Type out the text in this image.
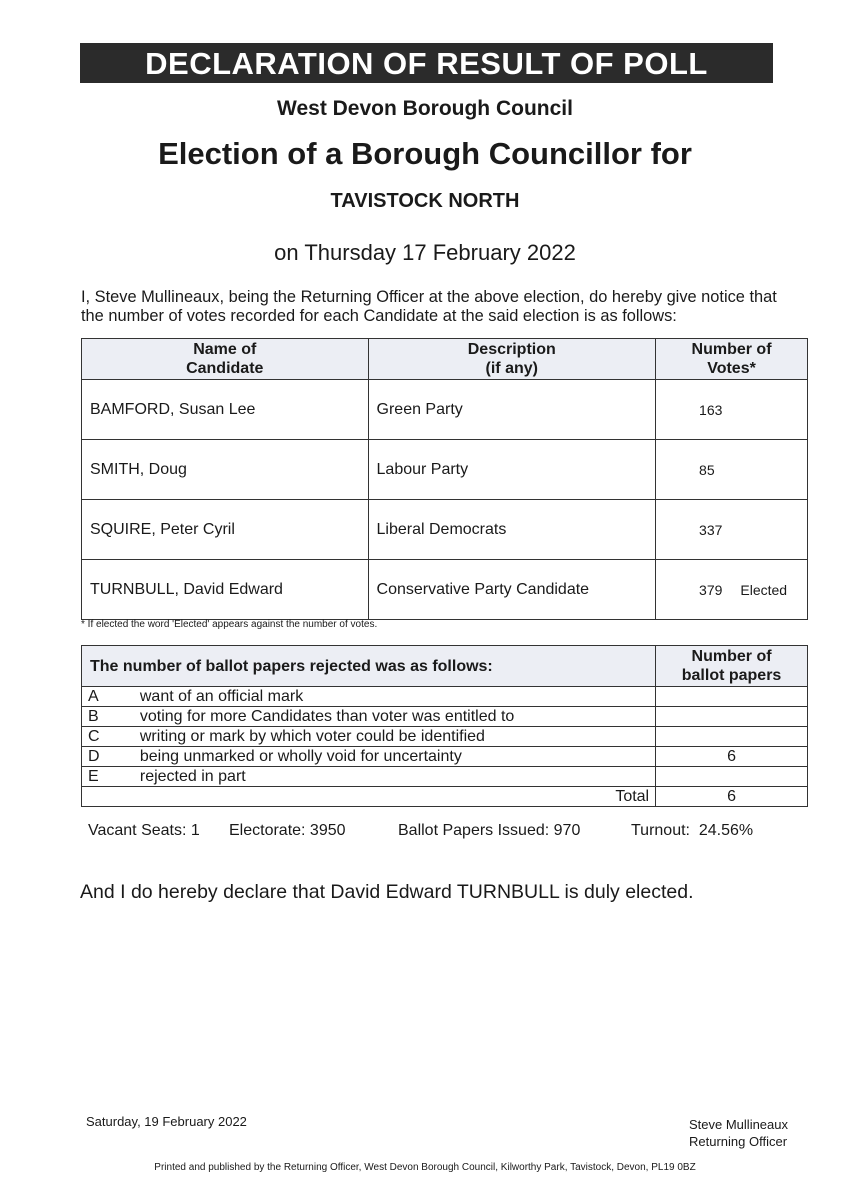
DECLARATION OF RESULT OF POLL
West Devon Borough Council
Election of a Borough Councillor for
TAVISTOCK NORTH
on Thursday 17 February 2022
I, Steve Mullineaux, being the Returning Officer at the above election, do hereby give notice that the number of votes recorded for each Candidate at the said election is as follows:
Name of Candidate	Description (if any)	Number of Votes*

BAMFORD, Susan Lee	Green Party	163
SMITH, Doug	Labour Party	85
SQUIRE, Peter Cyril	Liberal Democrats	337
TURNBULL, David Edward	Conservative Party Candidate	379 Elected
* If elected the word 'Elected' appears against the number of votes.
The number of ballot papers rejected was as follows:		Number of ballot papers

A	want of an official mark	
B	voting for more Candidates than voter was entitled to	
C	writing or mark by which voter could be identified	
D	being unmarked or wholly void for uncertainty	6
E	rejected in part	
Total		6
Vacant Seats: 1 Electorate: 3950	Ballot Papers Issued: 970	Turnout:  24.56%
And I do hereby declare that David Edward TURNBULL is duly elected.
Saturday, 19 February 2022	Steve Mullineaux
Returning Officer
Printed and published by the Returning Officer, West Devon Borough Council, Kilworthy Park, Tavistock, Devon, PL19 0BZ
